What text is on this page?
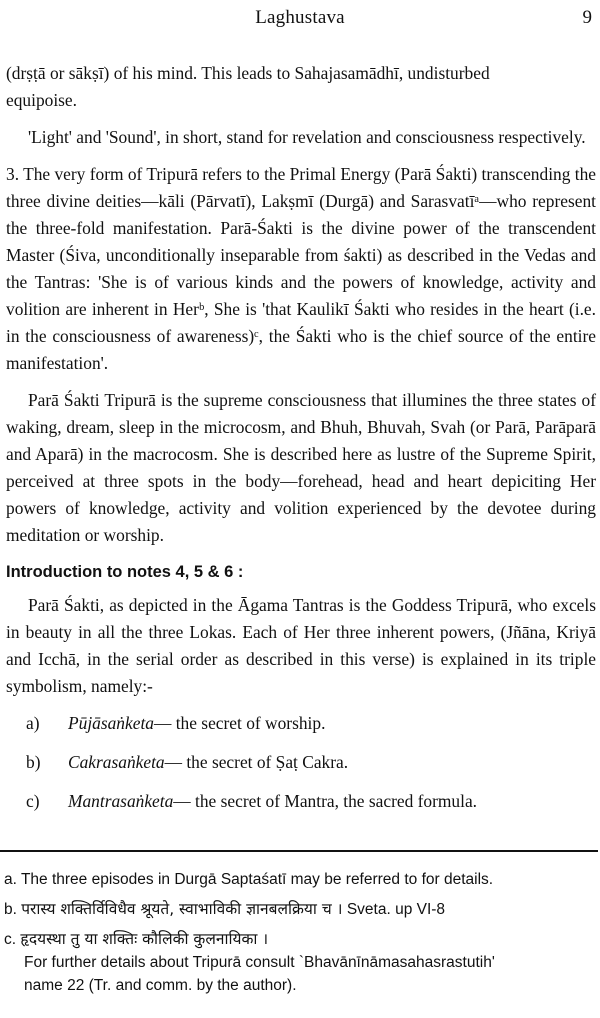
Laghustava	9

(drṣṭā or sākṣī) of his mind. This leads to Sahajasamādhī, undisturbed
equipoise.

'Light' and 'Sound', in short, stand for revelation and consciousness respectively.

3. The very form of Tripurā refers to the Primal Energy (Parā Śakti) transcending the three divine deities—kāli (Pārvatī), Lakṣmī (Durgā) and Sarasvatīᵃ—who represent the three-fold manifestation. Parā-Śakti is the divine power of the transcendent Master (Śiva, unconditionally inseparable from śakti) as described in the Vedas and the Tantras: 'She is of various kinds and the powers of knowledge, activity and volition are inherent in Herᵇ, She is 'that Kaulikī Śakti who resides in the heart (i.e. in the consciousness of awareness)ᶜ, the Śakti who is the chief source of the entire manifestation'.

Parā Śakti Tripurā is the supreme consciousness that illumines the three states of waking, dream, sleep in the microcosm, and Bhuh, Bhuvah, Svah (or Parā, Parāparā and Aparā) in the macrocosm. She is described here as lustre of the Supreme Spirit, perceived at three spots in the body—forehead, head and heart depiciting Her powers of knowledge, activity and volition experienced by the devotee during meditation or worship.

Introduction to notes 4, 5 & 6 :

Parā Śakti, as depicted in the Āgama Tantras is the Goddess Tripurā, who excels in beauty in all the three Lokas. Each of Her three inherent powers, (Jñāna, Kriyā and Icchā, in the serial order as described in this verse) is explained in its triple symbolism, namely:-

a)	Pūjāsaṅketa— the secret of worship.
b)	Cakrasaṅketa— the secret of Ṣaṭ Cakra.
c)	Mantrasaṅketa— the secret of Mantra, the sacred formula.
a. The three episodes in Durgā Saptaśatī may be referred to for details.
b. परास्य शक्तिर्विविधैव श्रूयते, स्वाभाविकी ज्ञानबलक्रिया च । Sveta. up VI-8
c. हृदयस्था तु या शक्तिः कौलिकी कुलनायिका ।
For further details about Tripurā consult `Bhavānīnāmasahasrastutih'
name 22 (Tr. and comm. by the author).
